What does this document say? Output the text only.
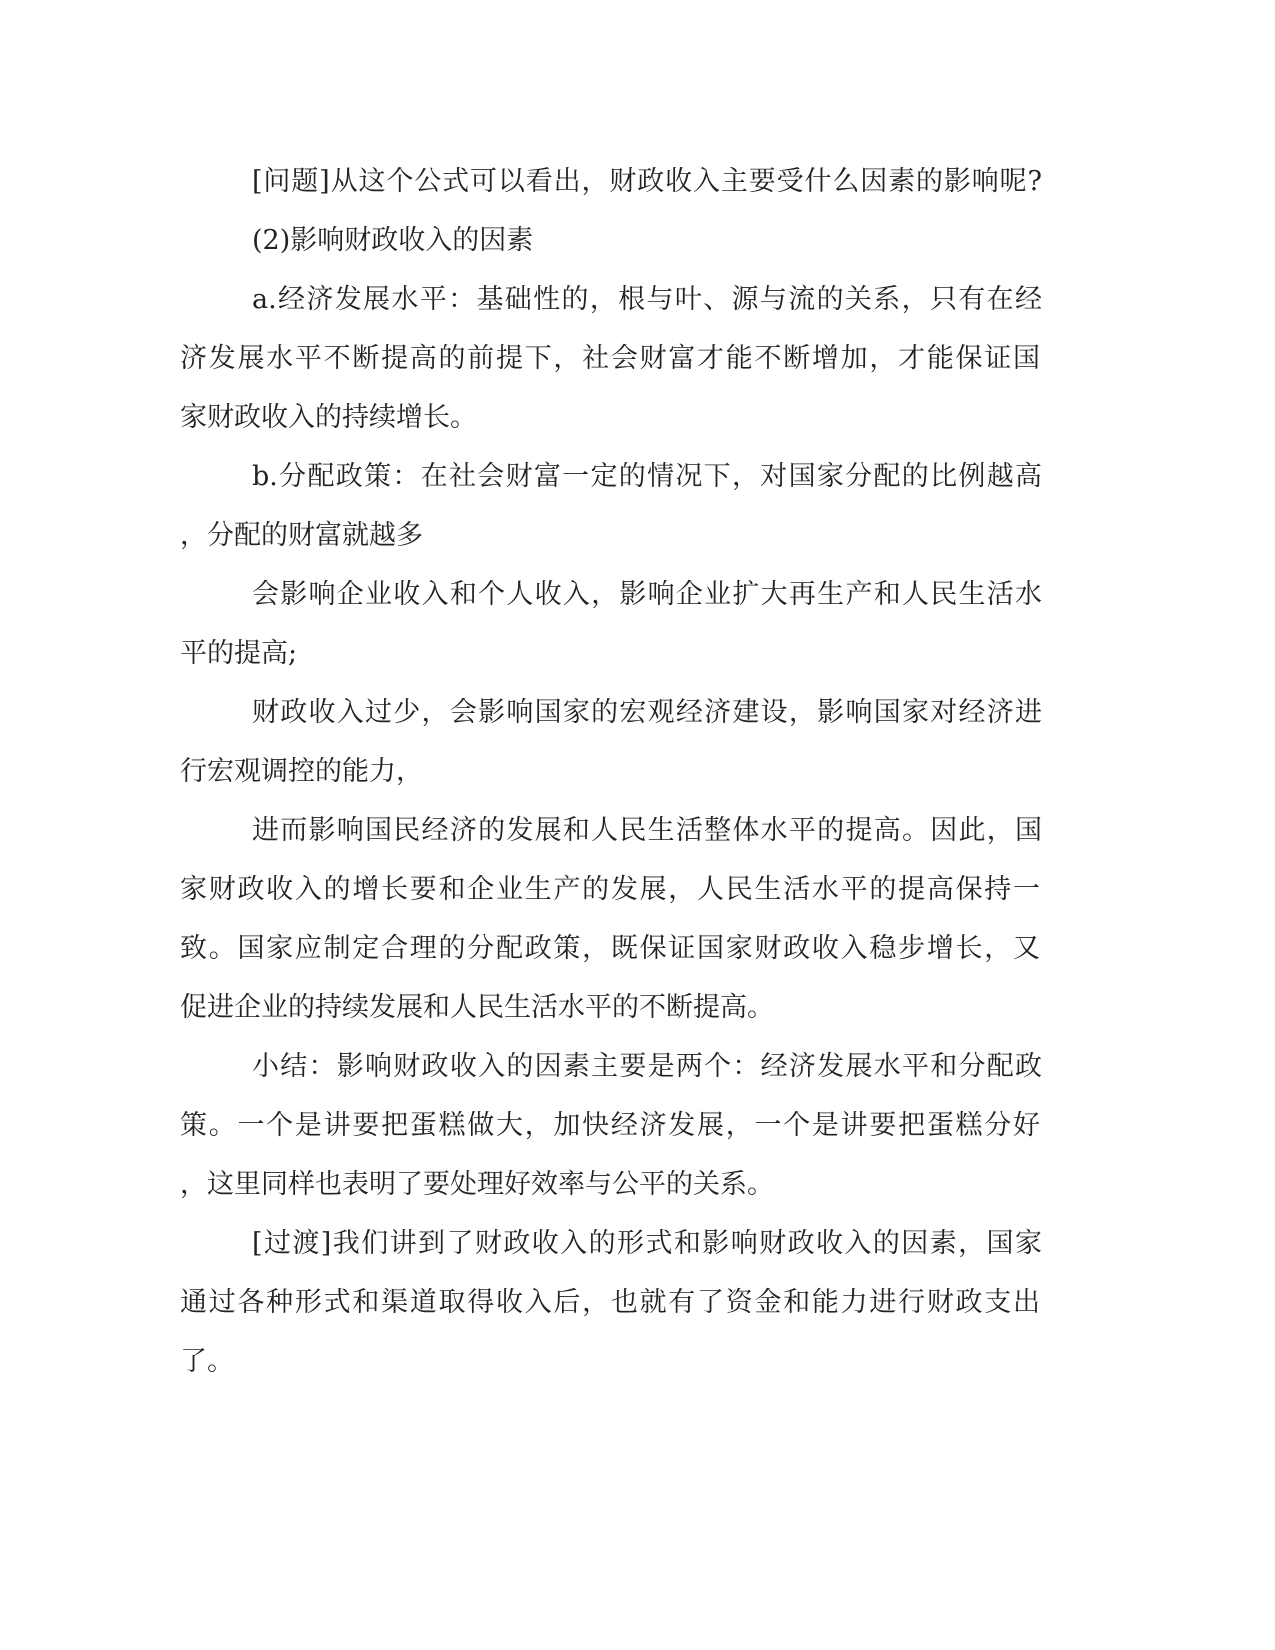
[问题]从这个公式可以看出，财政收入主要受什么因素的影响呢?
(2)影响财政收入的因素
a.经济发展水平：基础性的，根与叶、源与流的关系，只有在经
济发展水平不断提高的前提下，社会财富才能不断增加，才能保证国
家财政收入的持续增长。
b.分配政策：在社会财富一定的情况下，对国家分配的比例越高
，分配的财富就越多
会影响企业收入和个人收入，影响企业扩大再生产和人民生活水
平的提高;
财政收入过少，会影响国家的宏观经济建设，影响国家对经济进
行宏观调控的能力，
进而影响国民经济的发展和人民生活整体水平的提高。因此，国
家财政收入的增长要和企业生产的发展，人民生活水平的提高保持一
致。国家应制定合理的分配政策，既保证国家财政收入稳步增长，又
促进企业的持续发展和人民生活水平的不断提高。
小结：影响财政收入的因素主要是两个：经济发展水平和分配政
策。一个是讲要把蛋糕做大，加快经济发展，一个是讲要把蛋糕分好
，这里同样也表明了要处理好效率与公平的关系。
[过渡]我们讲到了财政收入的形式和影响财政收入的因素，国家
通过各种形式和渠道取得收入后，也就有了资金和能力进行财政支出
了。
